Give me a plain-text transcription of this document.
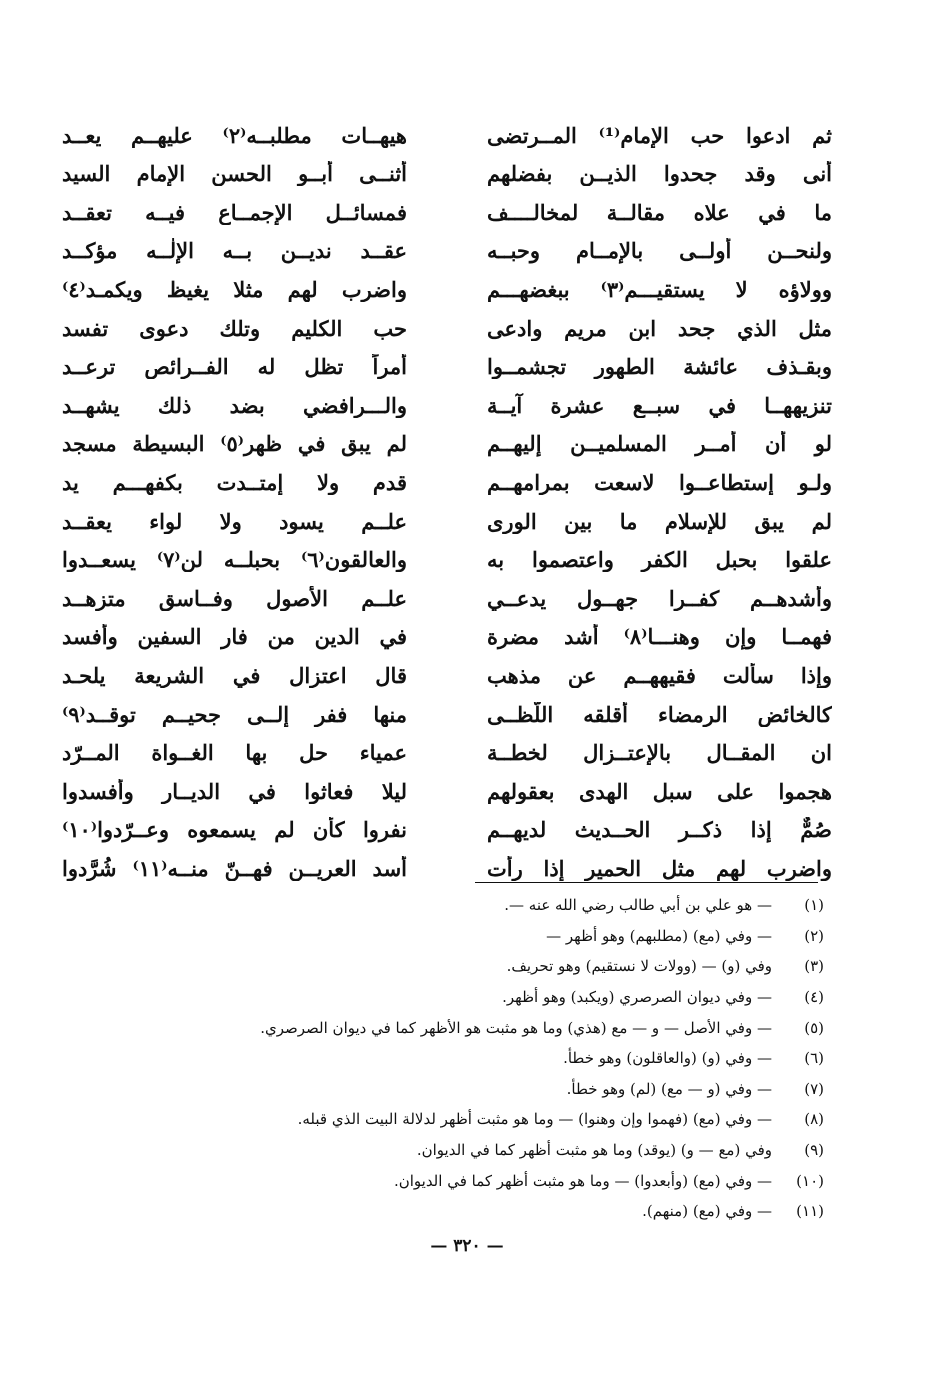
ثم ادعوا حب الإمام⁽¹⁾ المــرتضى
هيهــات مطلبــه⁽٢⁾ عليهــم يعــد
أنى وقد جحدوا الذيــن بفضلهم
أثنــى أبــو الحسن الإمام السيد
ما في علاه مقالــة لمخالــــف
فمسائــل الإجمــاع فيــه تعقــد
ولنحــن أولــى بالإمــام وحبــه
عقــد نديــن بــه الإلٰــه مؤكــد
وولاؤه لا يستقيـــم⁽٣⁾ ببغضهـــم
واضرب لهم مثلا يغيظ ويكمـد⁽٤⁾
مثل الذي جحد ابن مريم وادعى
حب الكليم وتلك دعوى تفسد
وبقـذف عائشة الطهور تجشمــوا
أمراً تظل له الفــرائص ترعــد
تنزيههــا في سبــع عشرة آيــة
والـــرافضي بضد ذلك يشهــد
لو أن أمــر المسلميــن إليهــم
لم يبق في ظهر⁽٥⁾ البسيطة مسجد
ولـو إستطاعــوا لاسعت بمرامهــم
قدم ولا إمتــدت بكفهـــم يد
لم يبق للإسلام ما بين الورى
علــم يسود ولا لواء يعقــد
علقوا بحبل الكفر واعتصموا به
والعالقون⁽٦⁾ بحبلــه لن⁽٧⁾ يسعــدوا
وأشدهــم كفــرا جهــول يدعــي
علــم الأصول وفــاسق متزهــد
فهمــا وإن وهنـــا⁽٨⁾ أشد مضرة
في الدين من فار السفين وأفسد
وإذا سألت فقيههــم عن مذهب
قال اعتزال في الشريعة يلحـد
كالخائض الرمضاء أقلقه اللّظــى
منها ففر إلــى جحيــم توقــد⁽٩⁾
ان المقــال بالإعتــزال لخطــة
عمياء حل بها الغــواة المــرّد
هجموا على سبل الهدى بعقولهم
ليلا فعاثوا في الديــار وأفسدوا
صُمٌّ إذا ذكــر الحــديث لديهــم
نفروا كأن لم يسمعوه وعــرّدوا⁽١٠⁾
واضرب لهم مثل الحمير إذا رأت
أسد العريــن فهــنّ منــه⁽١١⁾ شُرَّدوا
(١)
— هو علي بن أبي طالب رضي الله عنه —.
(٢)
— وفي (مع) (مطلبهم) وهو أظهر —
(٣)
وفي (و) — (وولات لا نستقيم) وهو تحريف.
(٤)
— وفي ديوان الصرصري (ويكبد) وهو أظهر.
(٥)
— وفي الأصل — و — مع (هذي) وما هو مثبت هو الأظهر كما في ديوان الصرصري.
(٦)
— وفي (و) (والعاقلون) وهو خطأ.
(٧)
— وفي (و — مع) (لم) وهو خطأ.
(٨)
— وفي (مع) (فهموا وإن وهنوا) — وما هو مثبت أظهر لدلالة البيت الذي قبله.
(٩)
وفي (مع — و) (يوقد) وما هو مثبت أظهر كما في الديوان.
(١٠)
— وفي (مع) (وأبعدوا) — وما هو مثبت أظهر كما في الديوان.
(١١)
— وفي (مع) (منهم).
— ٣٢٠ —
